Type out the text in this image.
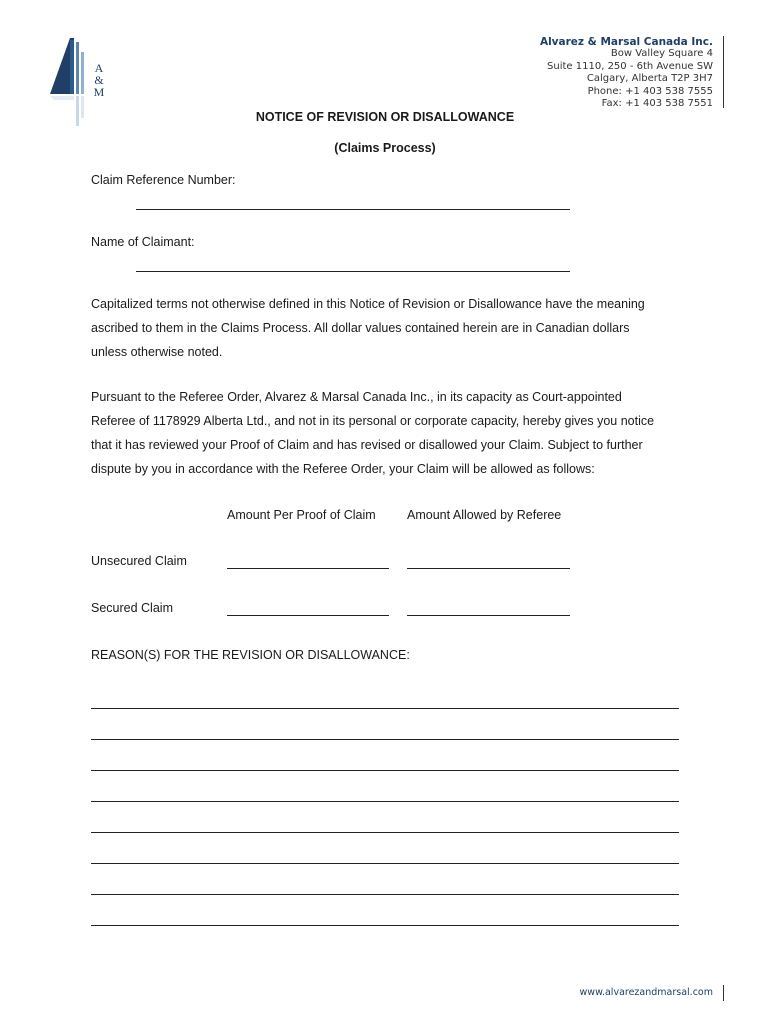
A
&
M
Alvarez & Marsal Canada Inc.
Bow Valley Square 4
Suite 1110, 250 - 6th Avenue SW
Calgary, Alberta T2P 3H7
Phone: +1 403 538 7555
Fax: +1 403 538 7551
NOTICE OF REVISION OR DISALLOWANCE
(Claims Process)
Claim Reference Number:
Name of Claimant:
Capitalized terms not otherwise defined in this Notice of Revision or Disallowance have the meaning
ascribed to them in the Claims Process. All dollar values contained herein are in Canadian dollars
unless otherwise noted.
Pursuant to the Referee Order, Alvarez & Marsal Canada Inc., in its capacity as Court-appointed
Referee of 1178929 Alberta Ltd., and not in its personal or corporate capacity, hereby gives you notice
that it has reviewed your Proof of Claim and has revised or disallowed your Claim. Subject to further
dispute by you in accordance with the Referee Order, your Claim will be allowed as follows:
Amount Per Proof of Claim	Amount Allowed by Referee
Unsecured Claim
Secured Claim
REASON(S) FOR THE REVISION OR DISALLOWANCE:
www.alvarezandmarsal.com
